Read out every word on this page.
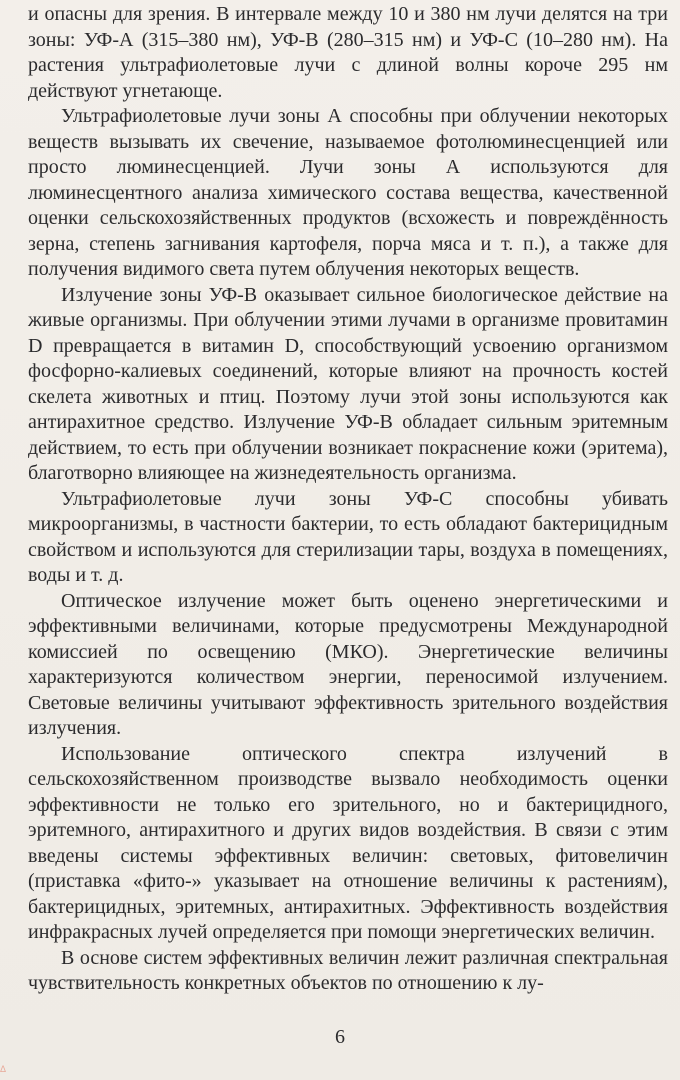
и опасны для зрения. В интервале между 10 и 380 нм лучи делятся на три зоны: УФ-А (315–380 нм), УФ-В (280–315 нм) и УФ-С (10–280 нм). На растения ультрафиолетовые лучи с длиной волны короче 295 нм действуют угнетающе.

Ультрафиолетовые лучи зоны А способны при облучении некоторых веществ вызывать их свечение, называемое фотолюминесценцией или просто люминесценцией. Лучи зоны А используются для люминесцентного анализа химического состава вещества, качественной оценки сельскохозяйственных продуктов (всхожесть и повреждённость зерна, степень загнивания картофеля, порча мяса и т. п.), а также для получения видимого света путем облучения некоторых веществ.

Излучение зоны УФ-В оказывает сильное биологическое действие на живые организмы. При облучении этими лучами в организме провитамин D превращается в витамин D, способствующий усвоению организмом фосфорно-калиевых соединений, которые влияют на прочность костей скелета животных и птиц. Поэтому лучи этой зоны используются как антирахитное средство. Излучение УФ-В обладает сильным эритемным действием, то есть при облучении возникает покраснение кожи (эритема), благотворно влияющее на жизнедеятельность организма.

Ультрафиолетовые лучи зоны УФ-С способны убивать микроорганизмы, в частности бактерии, то есть обладают бактерицидным свойством и используются для стерилизации тары, воздуха в помещениях, воды и т. д.

Оптическое излучение может быть оценено энергетическими и эффективными величинами, которые предусмотрены Международной комиссией по освещению (МКО). Энергетические величины характеризуются количеством энергии, переносимой излучением. Световые величины учитывают эффективность зрительного воздействия излучения.

Использование оптического спектра излучений в сельскохозяйственном производстве вызвало необходимость оценки эффективности не только его зрительного, но и бактерицидного, эритемного, антирахитного и других видов воздействия. В связи с этим введены системы эффективных величин: световых, фитовеличин (приставка «фито-» указывает на отношение величины к растениям), бактерицидных, эритемных, антирахитных. Эффективность воздействия инфракрасных лучей определяется при помощи энергетических величин.

В основе систем эффективных величин лежит различная спектральная чувствительность конкретных объектов по отношению к лу-

6
Δ
